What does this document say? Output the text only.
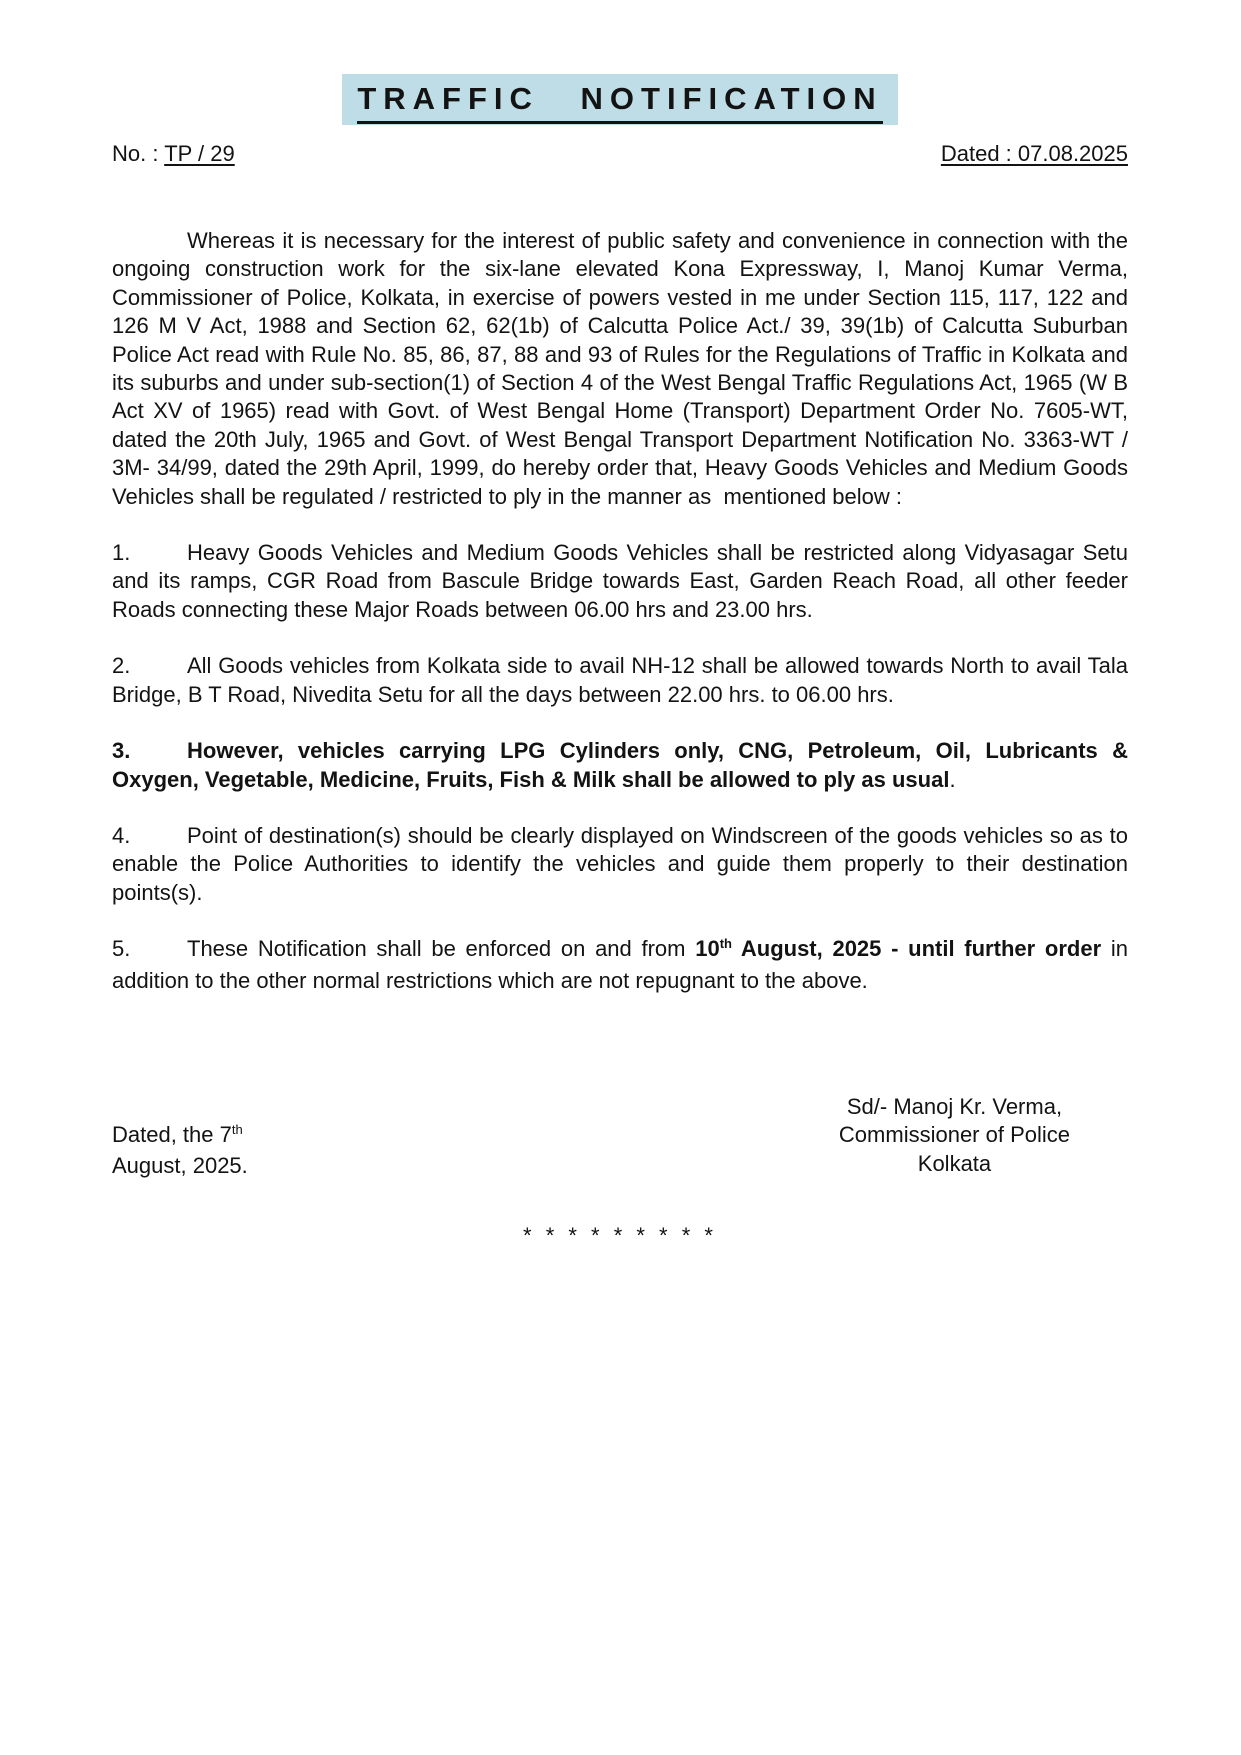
TRAFFIC NOTIFICATION
No. : TP / 29	Dated : 07.08.2025

Whereas it is necessary for the interest of public safety and convenience in connection with the ongoing construction work for the six-lane elevated Kona Expressway, I, Manoj Kumar Verma, Commissioner of Police, Kolkata, in exercise of powers vested in me under Section 115, 117, 122 and 126 M V Act, 1988 and Section 62, 62(1b) of Calcutta Police Act./ 39, 39(1b) of Calcutta Suburban Police Act read with Rule No. 85, 86, 87, 88 and 93 of Rules for the Regulations of Traffic in Kolkata and its suburbs and under sub-section(1) of Section 4 of the West Bengal Traffic Regulations Act, 1965 (W B Act XV of 1965) read with Govt. of West Bengal Home (Transport) Department Order No. 7605-WT, dated the 20th July, 1965 and Govt. of West Bengal Transport Department Notification No. 3363-WT / 3M- 34/99, dated the 29th April, 1999, do hereby order that, Heavy Goods Vehicles and Medium Goods Vehicles shall be regulated / restricted to ply in the manner as  mentioned below :

1.	Heavy Goods Vehicles and Medium Goods Vehicles shall be restricted along Vidyasagar Setu and its ramps, CGR Road from Bascule Bridge towards East, Garden Reach Road, all other feeder Roads connecting these Major Roads between 06.00 hrs and 23.00 hrs.

2.	All Goods vehicles from Kolkata side to avail NH-12 shall be allowed towards North to avail Tala Bridge, B T Road, Nivedita Setu for all the days between 22.00 hrs. to 06.00 hrs.

3.	However, vehicles carrying LPG Cylinders only, CNG, Petroleum, Oil, Lubricants & Oxygen, Vegetable, Medicine, Fruits, Fish & Milk shall be allowed to ply as usual.

4.	Point of destination(s) should be clearly displayed on Windscreen of the goods vehicles so as to enable the Police Authorities to identify the vehicles and guide them properly to their destination points(s).

5.	These Notification shall be enforced on and from 10th August, 2025 - until further order in addition to the other normal restrictions which are not repugnant to the above.

Dated, the 7th
August, 2025.
Sd/- Manoj Kr. Verma,
Commissioner of Police
Kolkata
* * * * * * * * *
